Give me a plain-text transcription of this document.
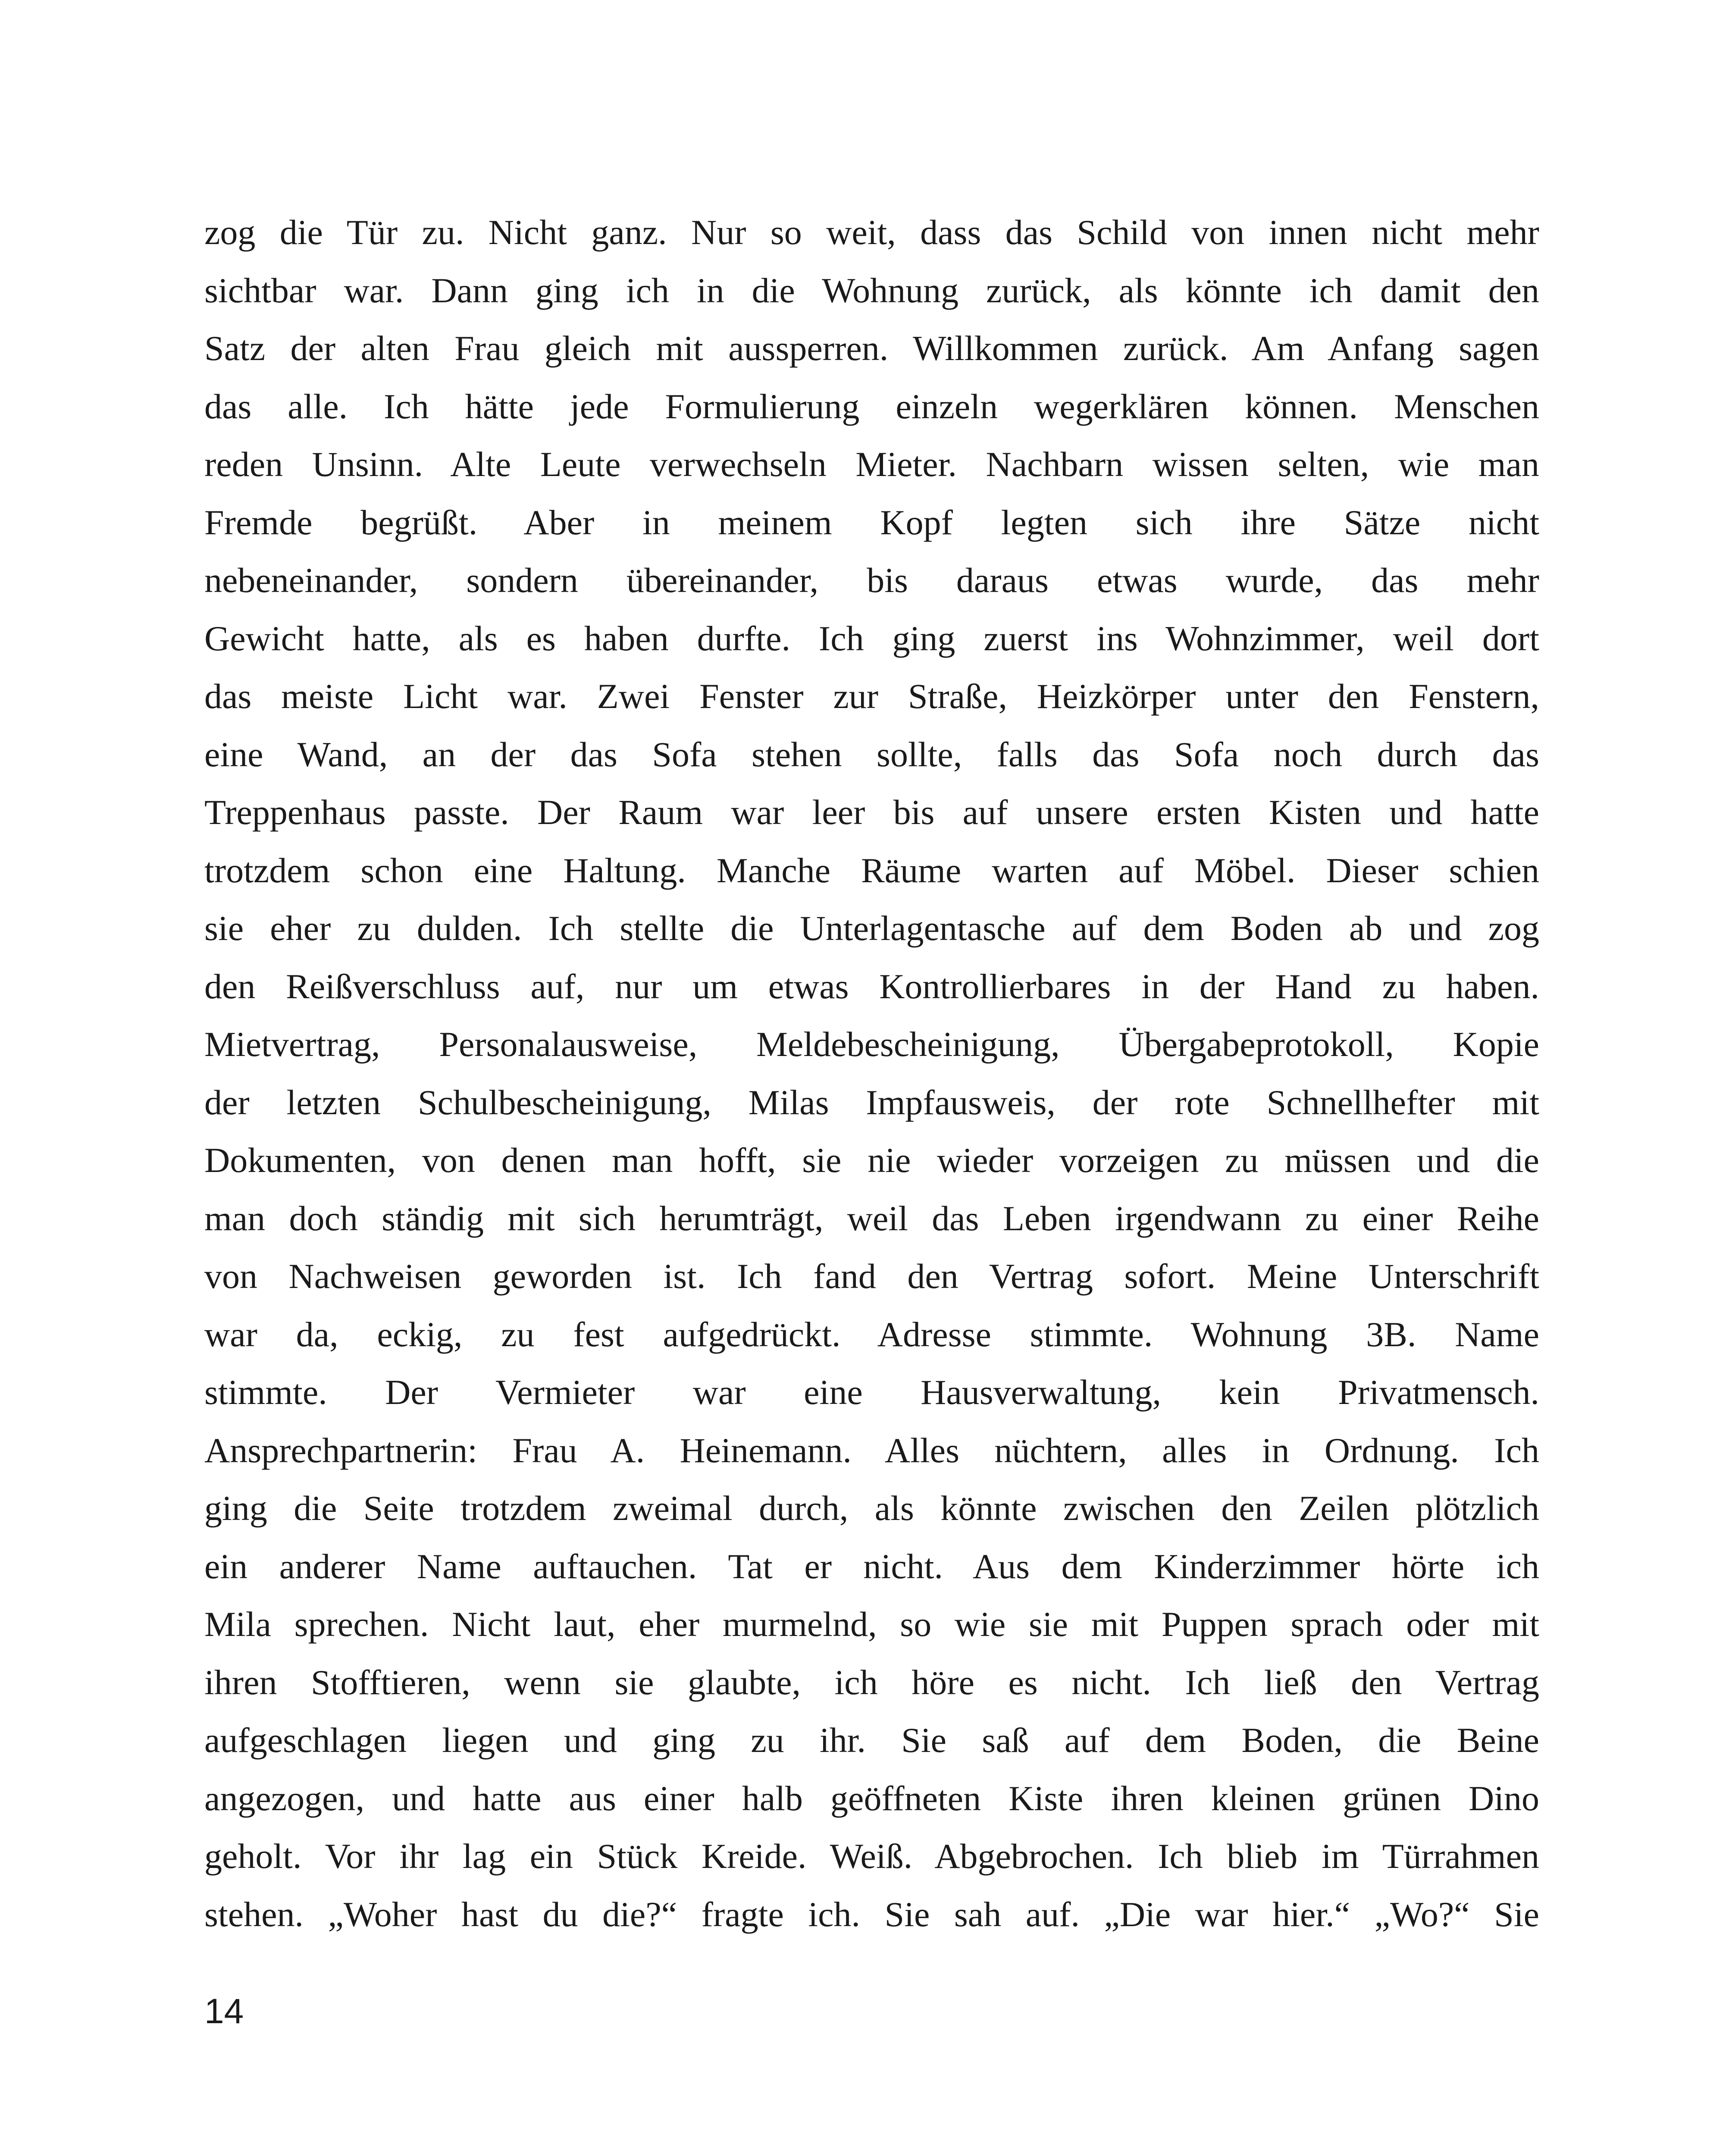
zog die Tür zu. Nicht ganz. Nur so weit, dass das Schild von innen nicht mehr
sichtbar war. Dann ging ich in die Wohnung zurück, als könnte ich damit den
Satz der alten Frau gleich mit aussperren. Willkommen zurück. Am Anfang sagen
das alle. Ich hätte jede Formulierung einzeln wegerklären können. Menschen
reden Unsinn. Alte Leute verwechseln Mieter. Nachbarn wissen selten, wie man
Fremde begrüßt. Aber in meinem Kopf legten sich ihre Sätze nicht
nebeneinander, sondern übereinander, bis daraus etwas wurde, das mehr
Gewicht hatte, als es haben durfte. Ich ging zuerst ins Wohnzimmer, weil dort
das meiste Licht war. Zwei Fenster zur Straße, Heizkörper unter den Fenstern,
eine Wand, an der das Sofa stehen sollte, falls das Sofa noch durch das
Treppenhaus passte. Der Raum war leer bis auf unsere ersten Kisten und hatte
trotzdem schon eine Haltung. Manche Räume warten auf Möbel. Dieser schien
sie eher zu dulden. Ich stellte die Unterlagentasche auf dem Boden ab und zog
den Reißverschluss auf, nur um etwas Kontrollierbares in der Hand zu haben.
Mietvertrag, Personalausweise, Meldebescheinigung, Übergabeprotokoll, Kopie
der letzten Schulbescheinigung, Milas Impfausweis, der rote Schnellhefter mit
Dokumenten, von denen man hofft, sie nie wieder vorzeigen zu müssen und die
man doch ständig mit sich herumträgt, weil das Leben irgendwann zu einer Reihe
von Nachweisen geworden ist. Ich fand den Vertrag sofort. Meine Unterschrift
war da, eckig, zu fest aufgedrückt. Adresse stimmte. Wohnung 3B. Name
stimmte. Der Vermieter war eine Hausverwaltung, kein Privatmensch.
Ansprechpartnerin: Frau A. Heinemann. Alles nüchtern, alles in Ordnung. Ich
ging die Seite trotzdem zweimal durch, als könnte zwischen den Zeilen plötzlich
ein anderer Name auftauchen. Tat er nicht. Aus dem Kinderzimmer hörte ich
Mila sprechen. Nicht laut, eher murmelnd, so wie sie mit Puppen sprach oder mit
ihren Stofftieren, wenn sie glaubte, ich höre es nicht. Ich ließ den Vertrag
aufgeschlagen liegen und ging zu ihr. Sie saß auf dem Boden, die Beine
angezogen, und hatte aus einer halb geöffneten Kiste ihren kleinen grünen Dino
geholt. Vor ihr lag ein Stück Kreide. Weiß. Abgebrochen. Ich blieb im Türrahmen
stehen. „Woher hast du die?“ fragte ich. Sie sah auf. „Die war hier.“ „Wo?“ Sie
14
